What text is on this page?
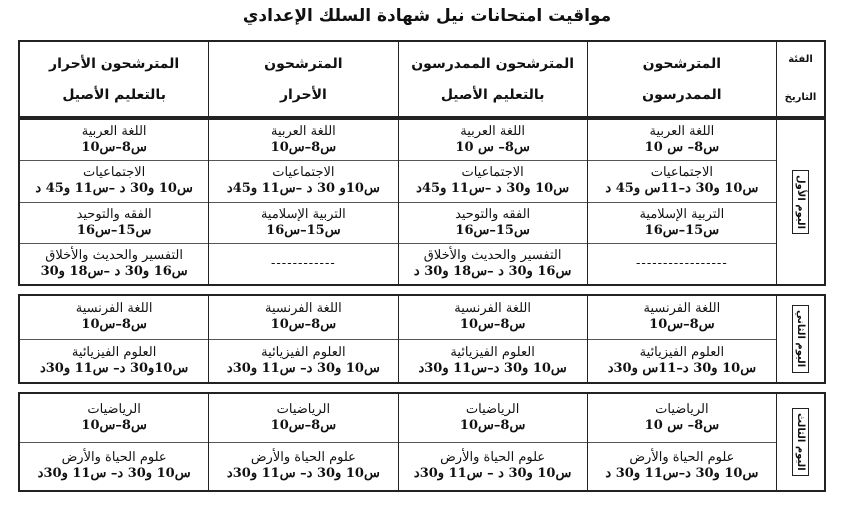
مواقيت امتحانات نيل شهادة السلك الإعدادي
الفئة
التاريخ
المترشحون
الممدرسون
المترشحون الممدرسون
بالتعليم الأصيل
المترشحون
الأحرار
المترشحون الأحرار
بالتعليم الأصيل
اليوم الأول
اللغة العربية
س8– س 10
الاجتماعيات
س10 و30 د–11س و45 د
التربية الإسلامية
س15–س16
-----------------
اللغة العربية
س8– س 10
الاجتماعيات
س10 و30 د –س11 و45د
الفقه والتوحيد
س15–س16
التفسير والحديث والأخلاق
س16 و30 د –س18 و30 د
اللغة العربية
س8–س10
الاجتماعيات
س10و 30 د –س11 و45د
التربية الإسلامية
س15–س16
------------
اللغة العربية
س8–س10
الاجتماعيات
س10 و30 د –س11 و45 د
الفقه والتوحيد
س15–س16
التفسير والحديث والأخلاق
س16 و30 د –س18 و30
اليوم الثاني
اللغة الفرنسية
س8–س10
العلوم الفيزيائية
س10 و30 د–11س و30د
اللغة الفرنسية
س8–س10
العلوم الفيزيائية
س10 و30 د–س11 و30د
اللغة الفرنسية
س8–س10
العلوم الفيزيائية
س10 و30 د– س11 و30د
اللغة الفرنسية
س8–س10
العلوم الفيزيائية
س10و30 د– س11 و30د
اليوم الثالث
الرياضيات
س8– س 10
علوم الحياة والأرض
س10 و30 د–س11 و30 د
الرياضيات
س8–س10
علوم الحياة والأرض
س10 و30 د – س11 و30د
الرياضيات
س8–س10
علوم الحياة والأرض
س10 و30 د– س11 و30د
الرياضيات
س8–س10
علوم الحياة والأرض
س10 و30 د– س11 و30د
